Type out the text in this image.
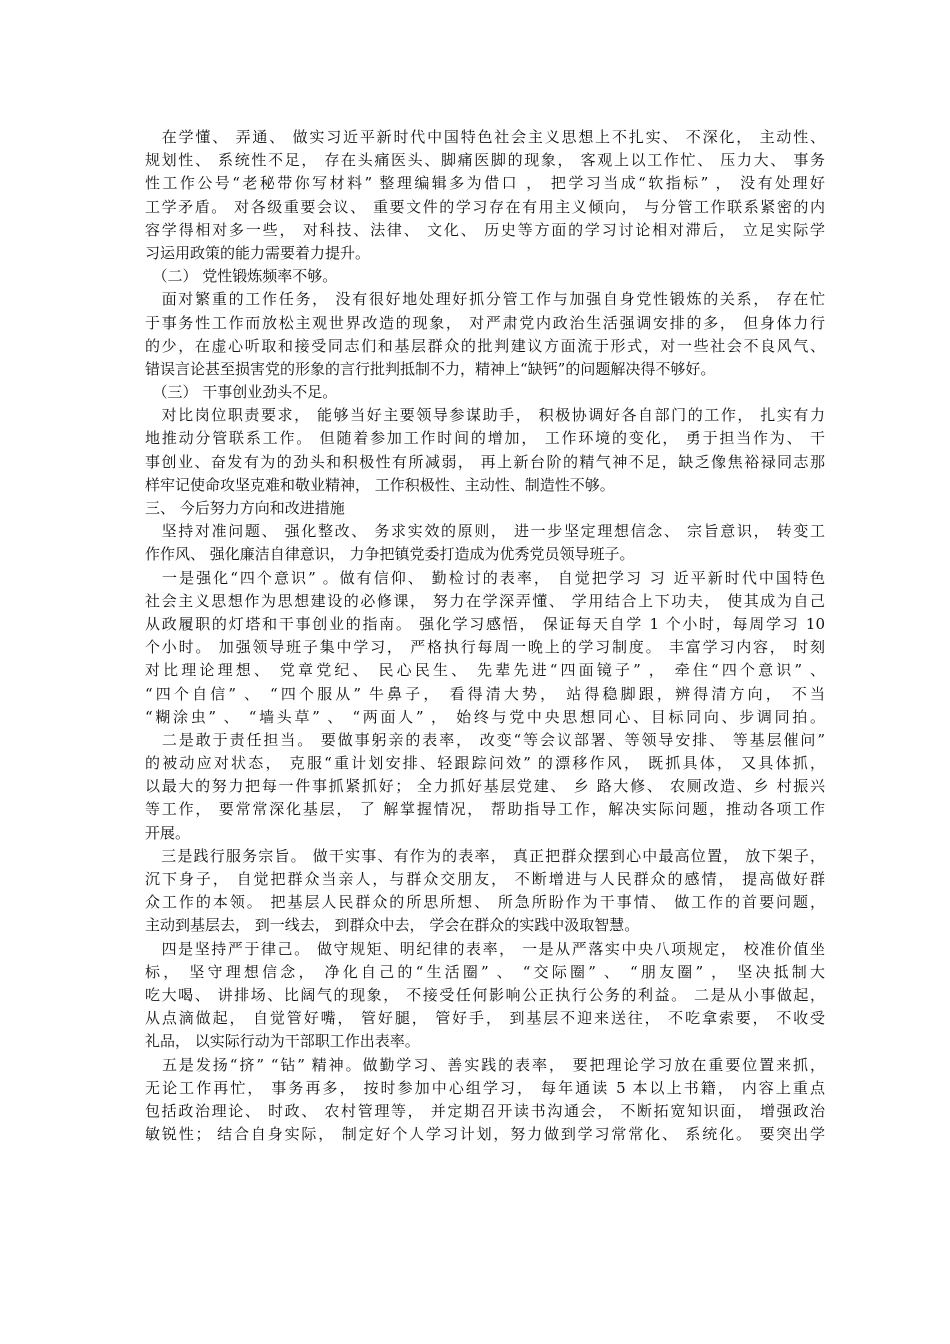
　在学懂、 弄通、 做实习近平新时代中国特色社会主义思想上不扎实、 不深化， 主动性、
规划性、 系统性不足， 存在头痛医头、脚痛医脚的现象， 客观上以工作忙、 压力大、 事务
性工作公号“老秘带你写材料” 整理编辑多为借口 ， 把学习当成“软指标” ， 没有处理好
工学矛盾。 对各级重要会议、 重要文件的学习存在有用主义倾向， 与分管工作联系紧密的内
容学得相对多一些， 对科技、法律、 文化、 历史等方面的学习讨论相对滞后， 立足实际学
习运用政策的能力需要着力提升。
　（二） 党性锻炼频率不够。
　面对繁重的工作任务， 没有很好地处理好抓分管工作与加强自身党性锻炼的关系， 存在忙
于事务性工作而放松主观世界改造的现象， 对严肃党内政治生活强调安排的多， 但身体力行
的少，在虚心听取和接受同志们和基层群众的批判建议方面流于形式，对一些社会不良风气、
错误言论甚至损害党的形象的言行批判抵制不力，精神上“缺钙”的问题解决得不够好。
　（三） 干事创业劲头不足。
　对比岗位职责要求， 能够当好主要领导参谋助手， 积极协调好各自部门的工作， 扎实有力
地推动分管联系工作。 但随着参加工作时间的增加， 工作环境的变化， 勇于担当作为、 干
事创业、奋发有为的劲头和积极性有所减弱， 再上新台阶的精气神不足，缺乏像焦裕禄同志那
样牢记使命攻坚克难和敬业精神， 工作积极性、主动性、制造性不够。
三、 今后努力方向和改进措施
　坚持对准问题、 强化整改、 务求实效的原则， 进一步坚定理想信念、 宗旨意识， 转变工
作作风、 强化廉洁自律意识， 力争把镇党委打造成为优秀党员领导班子。
　一是强化“四个意识” 。做有信仰、 勤检讨的表率， 自觉把学习 习 近平新时代中国特色
社会主义思想作为思想建设的必修课， 努力在学深弄懂、 学用结合上下功夫， 使其成为自己
从政履职的灯塔和干事创业的指南。 强化学习感悟， 保证每天自学 1 个小时，每周学习 10
个小时。 加强领导班子集中学习， 严格执行每周一晚上的学习制度。 丰富学习内容， 时刻
对比理论理想、 党章党纪、 民心民生、 先辈先进“四面镜子” ， 牵住“四个意识” 、
“四个自信” 、 “四个服从” 牛鼻子， 看得清大势， 站得稳脚跟，辨得清方向， 不当
“糊涂虫” 、 “墙头草” 、 “两面人” ， 始终与党中央思想同心、目标同向、步调同拍。
　二是敢于责任担当。 要做事躬亲的表率， 改变“等会议部署、等领导安排、 等基层催问”
的被动应对状态， 克服“重计划安排、轻跟踪问效” 的漂移作风， 既抓具体， 又具体抓，
以最大的努力把每一件事抓紧抓好； 全力抓好基层党建、 乡 路大修、 农厕改造、乡 村振兴
等工作， 要常常深化基层， 了 解掌握情况， 帮助指导工作，解决实际问题，推动各项工作
开展。
　三是践行服务宗旨。 做干实事、有作为的表率， 真正把群众摆到心中最高位置， 放下架子，
沉下身子， 自觉把群众当亲人，与群众交朋友， 不断增进与人民群众的感情， 提高做好群
众工作的本领。 把基层人民群众的所思所想、 所急所盼作为干事情、 做工作的首要问题，
主动到基层去， 到一线去， 到群众中去， 学会在群众的实践中汲取智慧。
　四是坚持严于律己。 做守规矩、明纪律的表率， 一是从严落实中央八项规定， 校准价值坐
标， 坚守理想信念， 净化自己的“生活圈” 、 “交际圈” 、 “朋友圈” ， 坚决抵制大
吃大喝、 讲排场、比阔气的现象， 不接受任何影响公正执行公务的利益。 二是从小事做起，
从点滴做起， 自觉管好嘴， 管好腿， 管好手， 到基层不迎来送往， 不吃拿索要， 不收受
礼品， 以实际行动为干部职工作出表率。
　五是发扬“挤” “钻” 精神。做勤学习、善实践的表率， 要把理论学习放在重要位置来抓，
无论工作再忙， 事务再多， 按时参加中心组学习， 每年通读 5 本以上书籍， 内容上重点
包括政治理论、 时政、 农村管理等， 并定期召开读书沟通会， 不断拓宽知识面， 增强政治
敏锐性； 结合自身实际， 制定好个人学习计划，努力做到学习常常化、 系统化。 要突出学
